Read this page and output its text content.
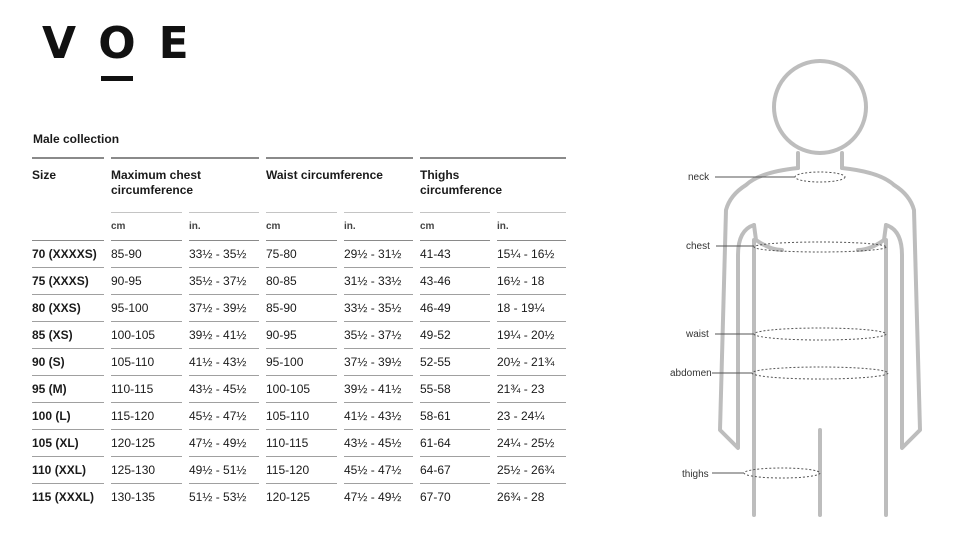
VOE
Male collection
Size		Maximum chest circumference				Waist circumference				Thighs circumference		
		cm		in.		cm		in.		cm		in.
70 (XXXXS)		85-90		33½ - 35½		75-80		29½ - 31½		41-43		15¼ - 16½
75 (XXXS)		90-95		35½ - 37½		80-85		31½ - 33½		43-46		16½ - 18
80 (XXS)		95-100		37½ - 39½		85-90		33½ - 35½		46-49		18 - 19¼
85 (XS)		100-105		39½ - 41½		90-95		35½ - 37½		49-52		19¼ - 20½
90 (S)		105-110		41½ - 43½		95-100		37½ - 39½		52-55		20½ - 21¾
95 (M)		110-115		43½ - 45½		100-105		39½ - 41½		55-58		21¾ - 23
100 (L)		115-120		45½ - 47½		105-110		41½ - 43½		58-61		23 - 24¼
105 (XL)		120-125		47½ - 49½		110-115		43½ - 45½		61-64		24¼ - 25½
110 (XXL)		125-130		49½ - 51½		115-120		45½ - 47½		64-67		25½ - 26¾
115 (XXXL)		130-135		51½ - 53½		120-125		47½ - 49½		67-70		26¾ - 28
neck
chest
waist
abdomen
thighs
